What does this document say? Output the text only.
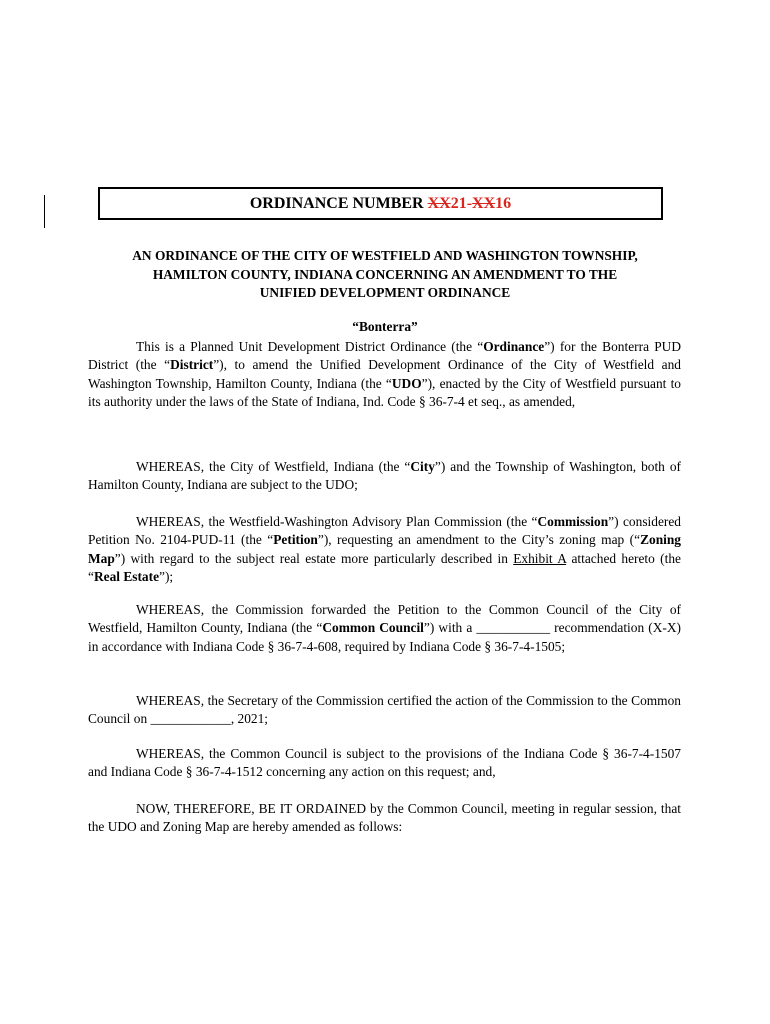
ORDINANCE NUMBER XX21-XX16
AN ORDINANCE OF THE CITY OF WESTFIELD AND WASHINGTON TOWNSHIP,
HAMILTON COUNTY, INDIANA CONCERNING AN AMENDMENT TO THE
UNIFIED DEVELOPMENT ORDINANCE
“Bonterra”

This is a Planned Unit Development District Ordinance (the “Ordinance”) for the Bonterra PUD District (the “District”), to amend the Unified Development Ordinance of the City of Westfield and Washington Township, Hamilton County, Indiana (the “UDO”), enacted by the City of Westfield pursuant to its authority under the laws of the State of Indiana, Ind. Code § 36-7-4 et seq., as amended,

WHEREAS, the City of Westfield, Indiana (the “City”) and the Township of Washington, both of Hamilton County, Indiana are subject to the UDO;

WHEREAS, the Westfield-Washington Advisory Plan Commission (the “Commission”) considered Petition No. 2104-PUD-11 (the “Petition”), requesting an amendment to the City’s zoning map (“Zoning Map”) with regard to the subject real estate more particularly described in Exhibit A attached hereto (the “Real Estate”);

WHEREAS, the Commission forwarded the Petition to the Common Council of the City of Westfield, Hamilton County, Indiana (the “Common Council”) with a ___________ recommendation (X-X) in accordance with Indiana Code § 36-7-4-608, required by Indiana Code § 36-7-4-1505;

WHEREAS, the Secretary of the Commission certified the action of the Commission to the Common Council on ____________, 2021;

WHEREAS, the Common Council is subject to the provisions of the Indiana Code § 36-7-4-1507 and Indiana Code § 36-7-4-1512 concerning any action on this request; and,

NOW, THEREFORE, BE IT ORDAINED by the Common Council, meeting in regular session, that the UDO and Zoning Map are hereby amended as follows:
